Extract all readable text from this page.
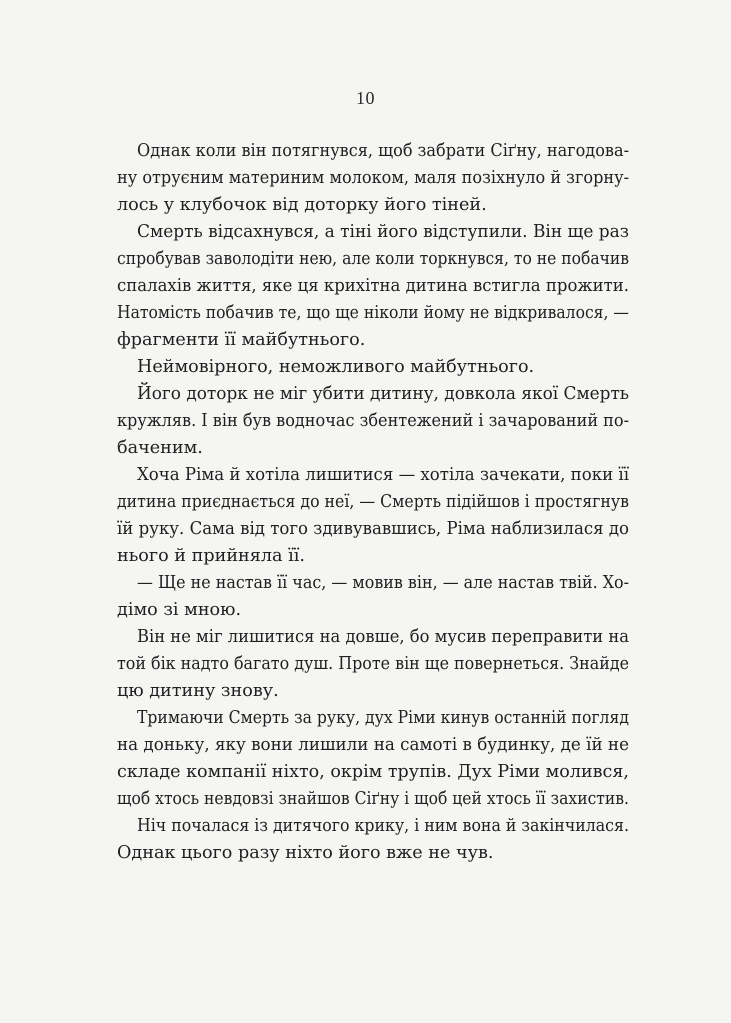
10

Однак коли він потягнувся, щоб забрати Сіґну, нагодова-
ну отруєним материним молоком, маля позіхнуло й згорну-
лось у клубочок від доторку його тіней.

Смерть відсахнувся, а тіні його відступили. Він ще раз
спробував заволодіти нею, але коли торкнувся, то не побачив
спалахів життя, яке ця крихітна дитина встигла прожити.
Натомість побачив те, що ще ніколи йому не відкривалося, —
фрагменти її майбутнього.

Неймовірного, неможливого майбутнього.

Його доторк не міг убити дитину, довкола якої Смерть
кружляв. І він був водночас збентежений і зачарований по-
баченим.

Хоча Ріма й хотіла лишитися — хотіла зачекати, поки її
дитина приєднається до неї, — Смерть підійшов і простягнув
їй руку. Сама від того здивувавшись, Ріма наблизилася до
нього й прийняла її.

— Ще не настав її час, — мовив він, — але настав твій. Хо-
дімо зі мною.

Він не міг лишитися на довше, бо мусив переправити на
той бік надто багато душ. Проте він ще повернеться. Знайде
цю дитину знову.

Тримаючи Смерть за руку, дух Ріми кинув останній погляд
на доньку, яку вони лишили на самоті в будинку, де їй не
складе компанії ніхто, окрім трупів. Дух Ріми молився,
щоб хтось невдовзі знайшов Сіґну і щоб цей хтось її захистив.

Ніч почалася із дитячого крику, і ним вона й закінчилася.
Однак цього разу ніхто його вже не чув.
